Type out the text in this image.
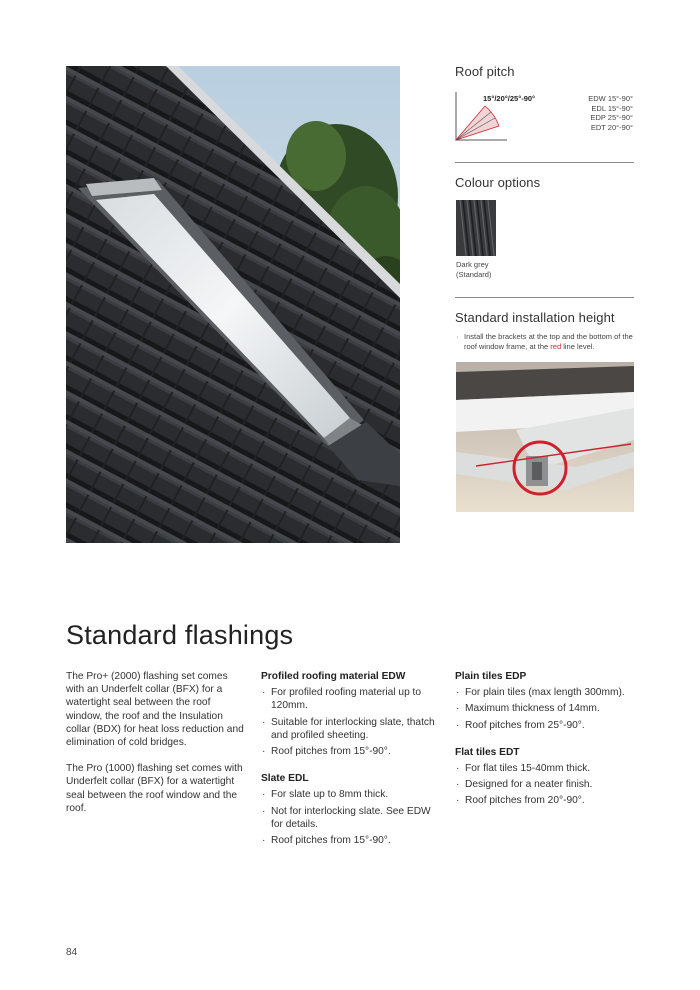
Roof pitch
15°/20°/25°-90°	EDW 15°-90°
EDL 15°-90°
EDP 25°-90°
EDT 20°-90°
Colour options
Dark grey
(Standard)
Standard installation height
· Install the brackets at the top and the bottom of the roof window frame, at the red line level.
Standard flashings

The Pro+ (2000) flashing set comes with an Underfelt collar (BFX) for a watertight seal between the roof window, the roof and the Insulation collar (BDX) for heat loss reduction and elimination of cold bridges.

The Pro (1000) flashing set comes with Underfelt collar (BFX) for a watertight seal between the roof window and the roof.

Profiled roofing material EDW
· For profiled roofing material up to 120mm.
· Suitable for interlocking slate, thatch and profiled sheeting.
· Roof pitches from 15°-90°.
Slate EDL
· For slate up to 8mm thick.
· Not for interlocking slate. See EDW for details.
· Roof pitches from 15°-90°.
Plain tiles EDP
· For plain tiles (max length 300mm).
· Maximum thickness of 14mm.
· Roof pitches from 25°-90°.
Flat tiles EDT
· For flat tiles 15-40mm thick.
· Designed for a neater finish.
· Roof pitches from 20°-90°.
84
